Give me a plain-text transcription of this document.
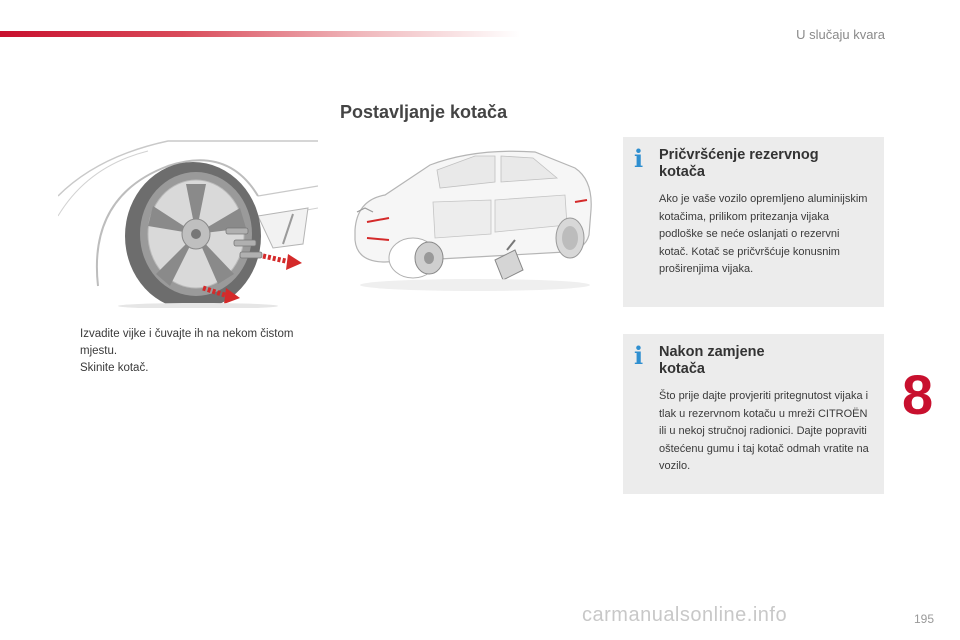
U slučaju kvara
Postavljanje kotača
Izvadite vijke i čuvajte ih na nekom čistom mjestu.
Skinite kotač.
i Pričvršćenje rezervnog
kotača

Ako je vaše vozilo opremljeno aluminijskim kotačima, prilikom pritezanja vijaka podloške se neće oslanjati o rezervni kotač. Kotač se pričvršćuje konusnim proširenjima vijaka.

i Nakon zamjene
kotača

Što prije dajte provjeriti pritegnutost vijaka i tlak u rezervnom kotaču u mreži CITROËN ili u nekoj stručnoj radionici. Dajte popraviti oštećenu gumu i taj kotač odmah vratite na vozilo.

8
carmanualsonline.info	195
